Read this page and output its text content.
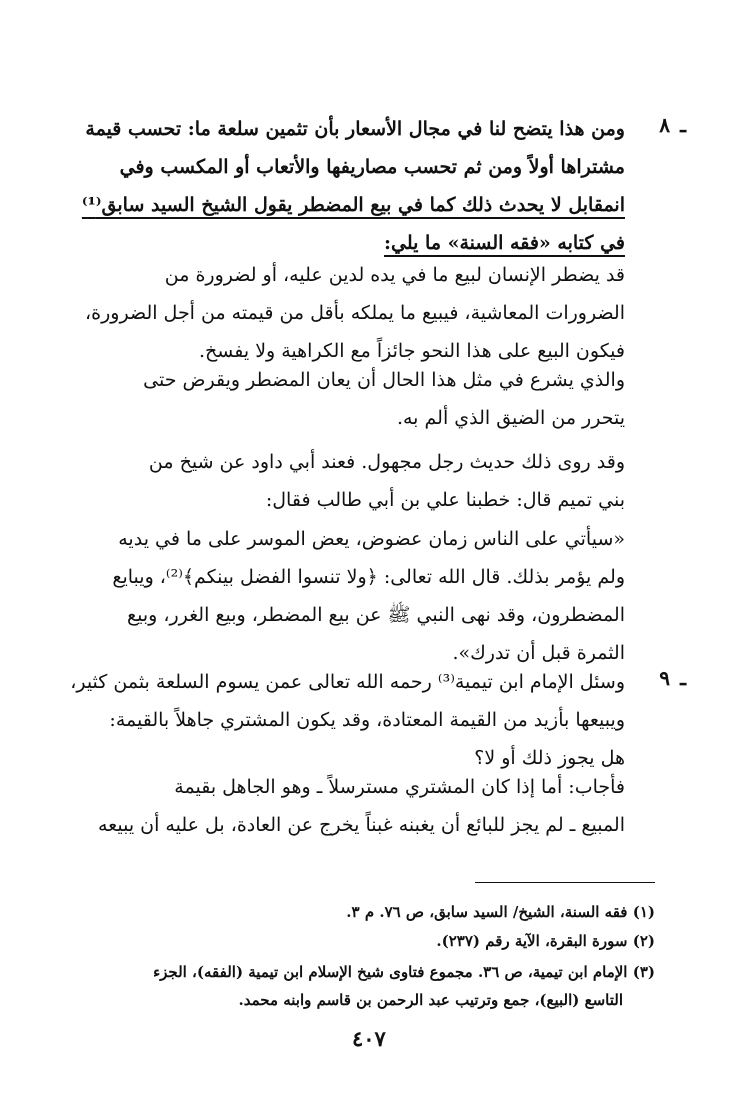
٨ ـ
ومن هذا يتضح لنا في مجال الأسعار بأن تثمين سلعة ما: تحسب قيمة
مشتراها أولاً ومن ثم تحسب مصاريفها والأتعاب أو المكسب وفي
انمقابل لا يحدث ذلك كما في بيع المضطر يقول الشيخ السيد سابق⁽¹⁾
في كتابه «فقه السنة» ما يلي:
قد يضطر الإنسان لبيع ما في يده لدين عليه، أو لضرورة من
الضرورات المعاشية، فيبيع ما يملكه بأقل من قيمته من أجل الضرورة،
فيكون البيع على هذا النحو جائزاً مع الكراهية ولا يفسخ.
والذي يشرع في مثل هذا الحال أن يعان المضطر ويقرض حتى
يتحرر من الضيق الذي ألم به.
وقد روى ذلك حديث رجل مجهول. فعند أبي داود عن شيخ من
بني تميم قال: خطبنا علي بن أبي طالب فقال:
«سيأتي على الناس زمان عضوض، يعض الموسر على ما في يديه
ولم يؤمر بذلك. قال الله تعالى: ﴿ولا تنسوا الفضل بينكم﴾⁽²⁾، ويبايع
المضطرون، وقد نهى النبي ﷺ عن بيع المضطر، وبيع الغرر، وبيع
الثمرة قبل أن تدرك».
٩ ـ
وسئل الإمام ابن تيمية⁽³⁾ رحمه الله تعالى عمن يسوم السلعة بثمن كثير،
ويبيعها بأزيد من القيمة المعتادة، وقد يكون المشتري جاهلاً بالقيمة:
هل يجوز ذلك أو لا؟
فأجاب: أما إذا كان المشتري مسترسلاً ـ وهو الجاهل بقيمة
المبيع ـ لم يجز للبائع أن يغبنه غبناً يخرج عن العادة، بل عليه أن يبيعه
(١) فقه السنة، الشيخ/ السيد سابق، ص ٧٦. م ٣.
(٢) سورة البقرة، الآية رقم (٢٣٧).
(٣) الإمام ابن تيمية، ص ٣٦. مجموع فتاوى شيخ الإسلام ابن تيمية (الفقه)، الجزء
التاسع (البيع)، جمع وترتيب عبد الرحمن بن قاسم وابنه محمد.
٤٠٧
